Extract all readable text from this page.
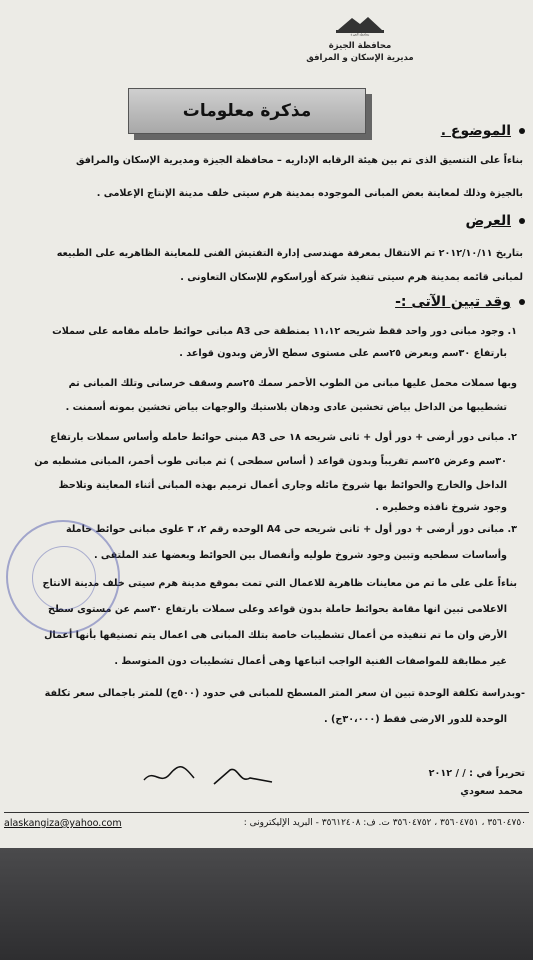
محافظة الجيزة
محافظة الجيزة
مديرية الإسكان و المرافق
مذكرة معلومات
الموضوع .
بناءاً على التنسيق الذى تم بين هيئة الرقابه الإداريه – محافظة الجيزة ومديرية الإسكان والمرافق
بالجيزة وذلك لمعاينة بعض المبانى الموجوده بمدينة هرم سيتى خلف مدينة الإنتاج الإعلامى .
العرض
بتاريخ ٢٠١٢/١٠/١١ تم الانتقال بمعرفة مهندسى إدارة التفتيش الفنى للمعاينة الظاهريه على الطبيعه
لمبانى قائمه بمدينة هرم سيتى تنفيذ شركة أوراسكوم للإسكان التعاونى .
وقد تبين الآتى :-
١. وجود مبانى دور واحد فقط شريحه ١١،١٢ بمنطقة حى A3 مبانى حوائط حامله مقامه على سملات
بارتفاع ٣٠سم وبعرض ٢٥سم على مستوى سطح الأرض وبدون قواعد .
وبها سملات محمل عليها مبانى من الطوب الأحمر سمك ٢٥سم وسقف خرسانى وتلك المبانى تم
تشطيبها من الداخل بياض تخشين عادى ودهان بلاستيك والوجهات بياض تخشين بمونه أسمنت .
٢. مبانى دور أرضى + دور أول + ثانى شريحه ١٨ حى A3 مبنى حوائط حامله وأساس سملات بارتفاع
٣٠سم وعرض ٢٥سم تقريباً وبدون قواعد ( أساس سطحى ) ثم مبانى طوب أحمر، المبانى مشطبه من
الداخل والخارج والحوائط بها شروخ مائله وجارى أعمال ترميم بهذه المبانى أثناء المعاينة وتلاحظ
وجود شروخ نافذه وخطيره .
٣. مبانى دور أرضى + دور أول + ثانى شريحه حى A4 الوحده رقم ٢، ٣ علوى مبانى حوائط حاملة
وأساسات سطحيه وتبين وجود شروخ طوليه وأنفصال بين الحوائط وبعضها عند الملتقى .
بناءاً على على ما تم من معاينات ظاهرية للاعمال التي تمت بموقع مدينة هرم سيتى خلف مدينة الانتاج
الاعلامى تبين انها مقامة بحوائط حاملة بدون قواعد وعلى سملات بارتفاع ٣٠سم عن مستوى سطح
الأرض وان ما تم تنفيذه من أعمال تشطيبات خاصة بتلك المبانى هى اعمال يتم تصنيفها بأنها أعمال
غير مطابقة للمواصفات الفنية الواجب اتباعها وهى أعمال تشطيبات دون المتوسط .
-وبدراسة تكلفة الوحدة تبين ان سعر المتر المسطح للمبانى في حدود (٥٠٠ج) للمتر باجمالى سعر تكلفة
الوحدة للدور الارضى فقط (٣٠،٠٠٠ج) .
تحريراً في : / / ٢٠١٢
محمد سعودي
٣٥٦٠٤٧٥٠ ، ٣٥٦٠٤٧٥١ ، ٣٥٦٠٤٧٥٢ ت. ف: ٣٥٦١٢٤٠٨ - البريد الإليكترونى :
alaskangiza@yahoo.com
